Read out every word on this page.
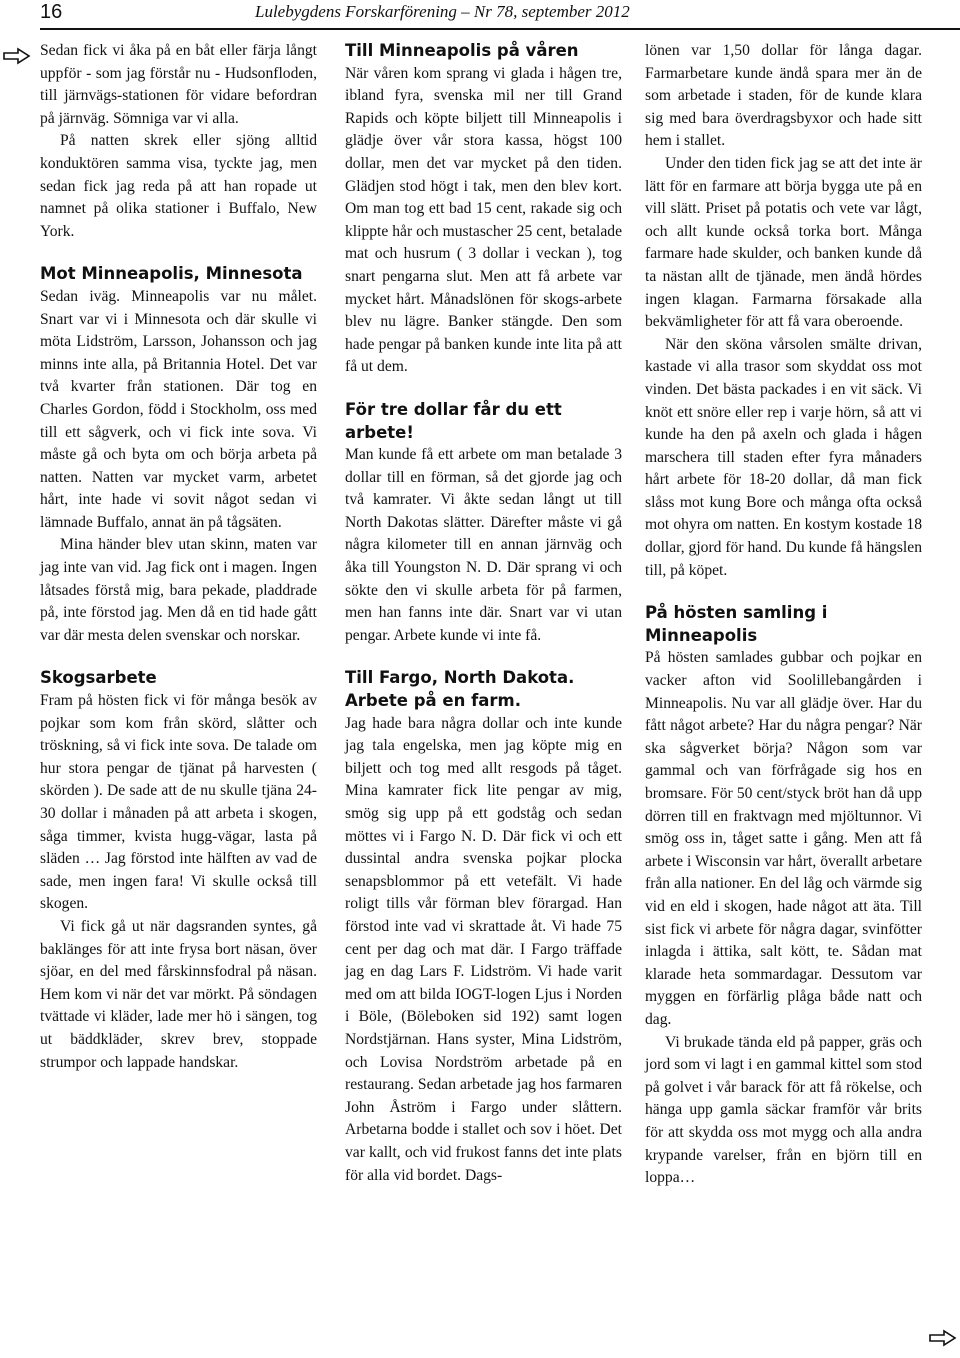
16	Lulebygdens Forskarförening – Nr 78, september 2012

Sedan fick vi åka på en båt eller färja långt uppför - som jag förstår nu - Hudsonfloden, till järnvägs-stationen för vidare befordran på järnväg. Sömniga var vi alla.

På natten skrek eller sjöng alltid konduktören samma visa, tyckte jag, men sedan fick jag reda på att han ropade ut namnet på olika stationer i Buffalo, New York.

Mot Minneapolis, Minnesota

Sedan iväg. Minneapolis var nu målet. Snart var vi i Minnesota och där skulle vi möta Lidström, Larsson, Johansson och jag minns inte alla, på Britannia Hotel. Det var två kvarter från stationen. Där tog en Charles Gordon, född i Stockholm, oss med till ett sågverk, och vi fick inte sova. Vi måste gå och byta om och börja arbeta på natten. Natten var mycket varm, arbetet hårt, inte hade vi sovit något sedan vi lämnade Buffalo, annat än på tågsäten.

Mina händer blev utan skinn, maten var jag inte van vid. Jag fick ont i magen. Ingen låtsades förstå mig, bara pekade, pladdrade på, inte förstod jag. Men då en tid hade gått var där mesta delen svenskar och norskar.

Skogsarbete

Fram på hösten fick vi för många besök av pojkar som kom från skörd, slåtter och tröskning, så vi fick inte sova. De talade om hur stora pengar de tjänat på harvesten ( skörden ). De sade att de nu skulle tjäna 24-30 dollar i månaden på att arbeta i skogen, såga timmer, kvista hugg-vägar, lasta på släden … Jag förstod inte hälften av vad de sade, men ingen fara! Vi skulle också till skogen.

Vi fick gå ut när dagsranden syntes, gå baklänges för att inte frysa bort näsan, över sjöar, en del med fårskinnsfodral på näsan. Hem kom vi när det var mörkt. På söndagen tvättade vi kläder, lade mer hö i sängen, tog ut bäddkläder, skrev brev, stoppade strumpor och lappade handskar.

Till Minneapolis på våren

När våren kom sprang vi glada i hågen tre, ibland fyra, svenska mil ner till Grand Rapids och köpte biljett till Minneapolis i glädje över vår stora kassa, högst 100 dollar, men det var mycket på den tiden. Glädjen stod högt i tak, men den blev kort. Om man tog ett bad 15 cent, rakade sig och klippte hår och mustascher 25 cent, betalade mat och husrum ( 3 dollar i veckan ), tog snart pengarna slut. Men att få arbete var mycket hårt. Månadslönen för skogs-arbete blev nu lägre. Banker stängde. Den som hade pengar på banken kunde inte lita på att få ut dem.

För tre dollar får du ett arbete!

Man kunde få ett arbete om man betalade 3 dollar till en förman, så det gjorde jag och två kamrater. Vi åkte sedan långt ut till North Dakotas slätter. Därefter måste vi gå några kilometer till en annan järnväg och åka till Youngston N. D. Där sprang vi och sökte den vi skulle arbeta för på farmen, men han fanns inte där. Snart var vi utan pengar. Arbete kunde vi inte få.

Till Fargo, North Dakota. Arbete på en farm.

Jag hade bara några dollar och inte kunde jag tala engelska, men jag köpte mig en biljett och tog med allt resgods på tåget. Mina kamrater fick lite pengar av mig, smög sig upp på ett godståg och sedan möttes vi i Fargo N. D. Där fick vi och ett dussintal andra svenska pojkar plocka senapsblommor på ett vetefält. Vi hade roligt tills vår förman blev förargad. Han förstod inte vad vi skrattade åt. Vi hade 75 cent per dag och mat där. I Fargo träffade jag en dag Lars F. Lidström. Vi hade varit med om att bilda IOGT-logen Ljus i Norden i Böle, (Böleboken sid 192) samt logen Nordstjärnan. Hans syster, Mina Lidström, och Lovisa Nordström arbetade på en restaurang. Sedan arbetade jag hos farmaren John Åström i Fargo under slåttern. Arbetarna bodde i stallet och sov i höet. Det var kallt, och vid frukost fanns det inte plats för alla vid bordet. Dags-

lönen var 1,50 dollar för långa dagar. Farmarbetare kunde ändå spara mer än de som arbetade i staden, för de kunde klara sig med bara överdragsbyxor och hade sitt hem i stallet.

Under den tiden fick jag se att det inte är lätt för en farmare att börja bygga ute på en vill slätt. Priset på potatis och vete var lågt, och allt kunde också torka bort. Många farmare hade skulder, och banken kunde då ta nästan allt de tjänade, men ändå hördes ingen klagan. Farmarna försakade alla bekvämligheter för att få vara oberoende.

När den sköna vårsolen smälte drivan, kastade vi alla trasor som skyddat oss mot vinden. Det bästa packades i en vit säck. Vi knöt ett snöre eller rep i varje hörn, så att vi kunde ha den på axeln och glada i hågen marschera till staden efter fyra månaders hårt arbete för 18-20 dollar, då man fick slåss mot kung Bore och många ofta också mot ohyra om natten. En kostym kostade 18 dollar, gjord för hand. Du kunde få hängslen till, på köpet.

På hösten samling i Minneapolis

På hösten samlades gubbar och pojkar en vacker afton vid Soolillebangården i Minneapolis. Nu var all glädje över. Har du fått något arbete? Har du några pengar? När ska sågverket börja? Någon som var gammal och van förfrågade sig hos en bromsare. För 50 cent/styck bröt han då upp dörren till en fraktvagn med mjöltunnor. Vi smög oss in, tåget satte i gång. Men att få arbete i Wisconsin var hårt, överallt arbetare från alla nationer. En del låg och värmde sig vid en eld i skogen, hade något att äta. Till sist fick vi arbete för några dagar, svinfötter inlagda i ättika, salt kött, te. Sådan mat klarade heta sommardagar. Dessutom var myggen en förfärlig plåga både natt och dag.

Vi brukade tända eld på papper, gräs och jord som vi lagt i en gammal kittel som stod på golvet i vår barack för att få rökelse, och hänga upp gamla säckar framför vår brits för att skydda oss mot mygg och alla andra krypande varelser, från en björn till en loppa…
